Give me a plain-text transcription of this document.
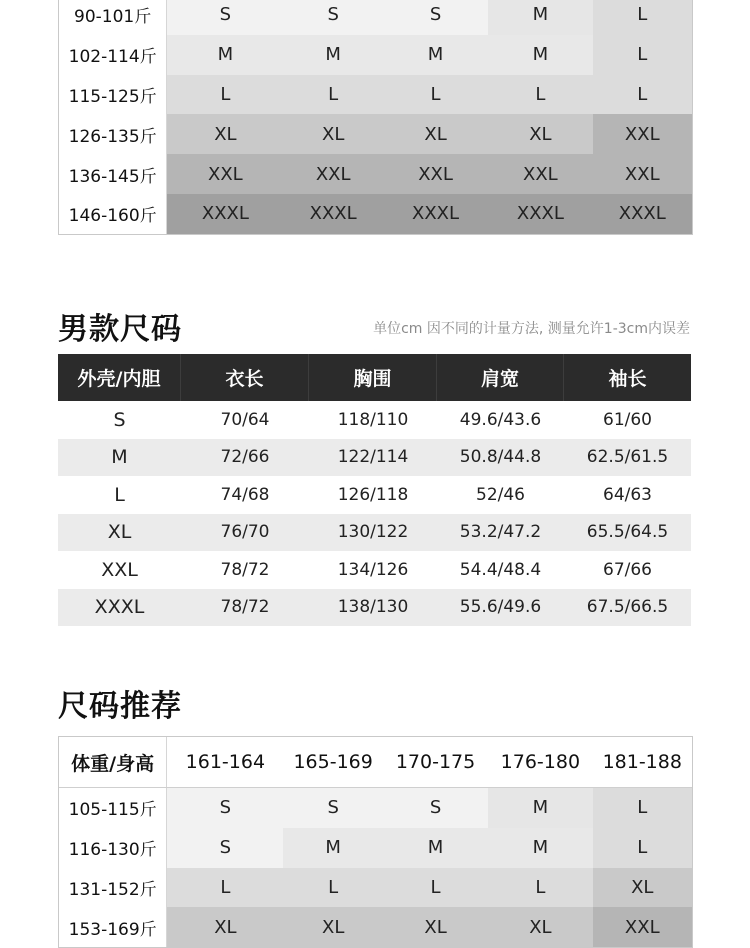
90-101斤	S	S	S	M	L
102-114斤	M	M	M	M	L
115-125斤	L	L	L	L	L
126-135斤	XL	XL	XL	XL	XXL
136-145斤	XXL	XXL	XXL	XXL	XXL
146-160斤	XXXL	XXXL	XXXL	XXXL	XXXL
男款尺码	单位cm 因不同的计量方法, 测量允许1-3cm内误差
外壳/内胆	衣长	胸围	肩宽	袖长
S	70/64	118/110	49.6/43.6	61/60
M	72/66	122/114	50.8/44.8	62.5/61.5
L	74/68	126/118	52/46	64/63
XL	76/70	130/122	53.2/47.2	65.5/64.5
XXL	78/72	134/126	54.4/48.4	67/66
XXXL	78/72	138/130	55.6/49.6	67.5/66.5
尺码推荐
体重/身高	161-164	165-169	170-175	176-180	181-188
105-115斤	S	S	S	M	L
116-130斤	S	M	M	M	L
131-152斤	L	L	L	L	XL
153-169斤	XL	XL	XL	XL	XXL
